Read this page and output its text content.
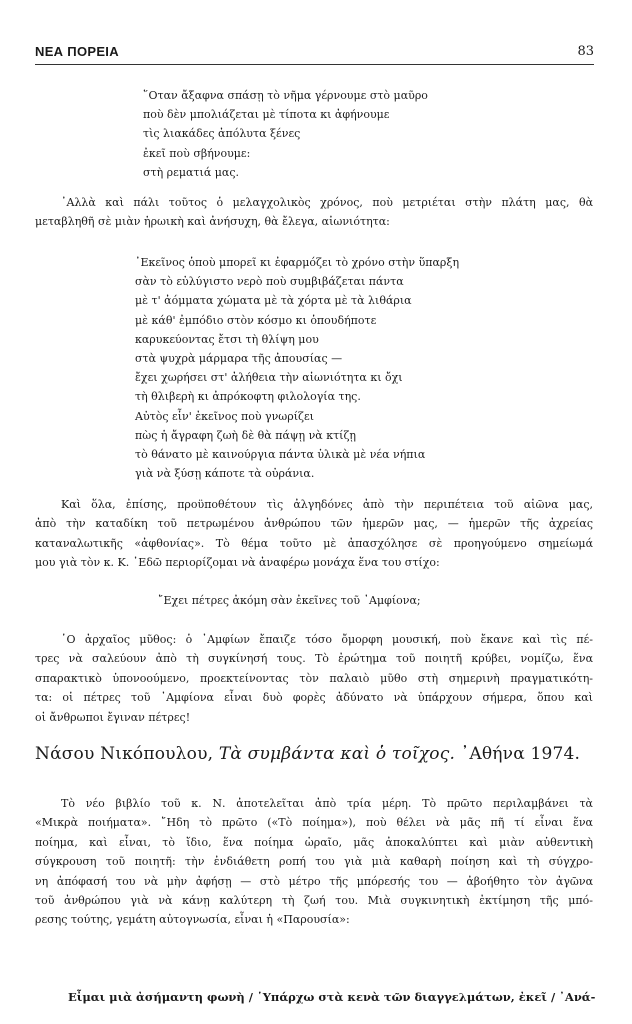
ΝΕΑ ΠΟΡΕΙΑ	83
῞Οταν ἄξαφνα σπάσῃ τὸ νῆμα γέρνουμε στὸ μαῦρο
ποὺ δὲν μπολιάζεται μὲ τίποτα κι ἀφήνουμε
τὶς λιακάδες ἀπόλυτα ξένες
ἐκεῖ ποὺ σβήνουμε:
στὴ ρεματιά μας.
᾿Αλλὰ καὶ πάλι τοῦτος ὁ μελαγχολικὸς χρόνος, ποὺ μετριέται στὴν πλάτη μας, θὰ
μεταβληθῆ σὲ μιὰν ἡρωικὴ καὶ ἀνήσυχη, θὰ ἔλεγα, αἰωνιότητα:
᾿Εκεῖνος ὁποὺ μπορεῖ κι ἐφαρμόζει τὸ χρόνο στὴν ὕπαρξη
σὰν τὸ εὐλύγιστο νερὸ ποὺ συμβιβάζεται πάντα
μὲ τ' ἀόμματα χώματα μὲ τὰ χόρτα μὲ τὰ λιθάρια
μὲ κάθ' ἐμπόδιο στὸν κόσμο κι ὁπουδήποτε
καρυκεύοντας ἔτσι τὴ θλίψη μου
στὰ ψυχρὰ μάρμαρα τῆς ἀπουσίας —
ἔχει χωρήσει στ' ἀλήθεια τὴν αἰωνιότητα κι ὄχι
τὴ θλιβερὴ κι ἀπρόκοφτη φιλολογία της.
Αὐτὸς εἶν' ἐκεῖνος ποὺ γνωρίζει
πὼς ἡ ἄγραφη ζωὴ δὲ θὰ πάψῃ νὰ κτίζῃ
τὸ θάνατο μὲ καινούργια πάντα ὑλικὰ μὲ νέα νήπια
γιὰ νὰ ξύσῃ κάποτε τὰ οὐράνια.
Καὶ ὅλα, ἐπίσης, προϋποθέτουν τὶς ἀλγηδόνες ἀπὸ τὴν περιπέτεια τοῦ αἰῶνα μας,
ἀπὸ τὴν καταδίκη τοῦ πετρωμένου ἀνθρώπου τῶν ἡμερῶν μας, — ἡμερῶν τῆς ἀχρείας
καταναλωτικῆς «ἀφθονίας». Τὸ θέμα τοῦτο μὲ ἀπασχόλησε σὲ προηγούμενο σημείωμά
μου γιὰ τὸν κ. Κ. ᾿Εδῶ περιορίζομαι νὰ ἀναφέρω μονάχα ἕνα του στίχο:
῎Εχει πέτρες ἀκόμη σὰν ἐκεῖνες τοῦ ᾿Αμφίονα;
῾Ο ἀρχαῖος μῦθος: ὁ ᾿Αμφίων ἔπαιζε τόσο ὄμορφη μουσική, ποὺ ἔκανε καὶ τὶς πέ-
τρες νὰ σαλεύουν ἀπὸ τὴ συγκίνησή τους. Τὸ ἐρώτημα τοῦ ποιητῆ κρύβει, νομίζω, ἕνα
σπαρακτικὸ ὑπονοούμενο, προεκτείνοντας τὸν παλαιὸ μῦθο στὴ σημερινὴ πραγματικότη-
τα: οἱ πέτρες τοῦ ᾿Αμφίονα εἶναι δυὸ φορὲς ἀδύνατο νὰ ὑπάρχουν σήμερα, ὅπου καὶ
οἱ ἄνθρωποι ἔγιναν πέτρες!
Νάσου Νικόπουλου, Τὰ συμβάντα καὶ ὁ τοῖχος. ᾿Αθήνα 1974.
Τὸ νέο βιβλίο τοῦ κ. Ν. ἀποτελεῖται ἀπὸ τρία μέρη. Τὸ πρῶτο περιλαμβάνει τὰ
«Μικρὰ ποιήματα». ῎Ηδη τὸ πρῶτο («Τὸ ποίημα»), ποὺ θέλει νὰ μᾶς πῆ τί εἶναι ἕνα
ποίημα, καὶ εἶναι, τὸ ἴδιο, ἕνα ποίημα ὡραῖο, μᾶς ἀποκαλύπτει καὶ μιὰν αὐθεντικὴ
σύγκρουση τοῦ ποιητῆ: τὴν ἐνδιάθετη ροπή του γιὰ μιὰ καθαρὴ ποίηση καὶ τὴ σύγχρο-
νη ἀπόφασή του νὰ μὴν ἀφήσῃ — στὸ μέτρο τῆς μπόρεσής του — ἀβοήθητο τὸν ἀγῶνα
τοῦ ἀνθρώπου γιὰ νὰ κάνῃ καλύτερη τὴ ζωή του. Μιὰ συγκινητικὴ ἐκτίμηση τῆς μπό-
ρεσης τούτης, γεμάτη αὐτογνωσία, εἶναι ἡ «Παρουσία»:
Εἶμαι μιὰ ἀσήμαντη φωνὴ / ῾Υπάρχω στὰ κενὰ τῶν διαγγελμάτων, ἐκεῖ / ᾿Ανά-
